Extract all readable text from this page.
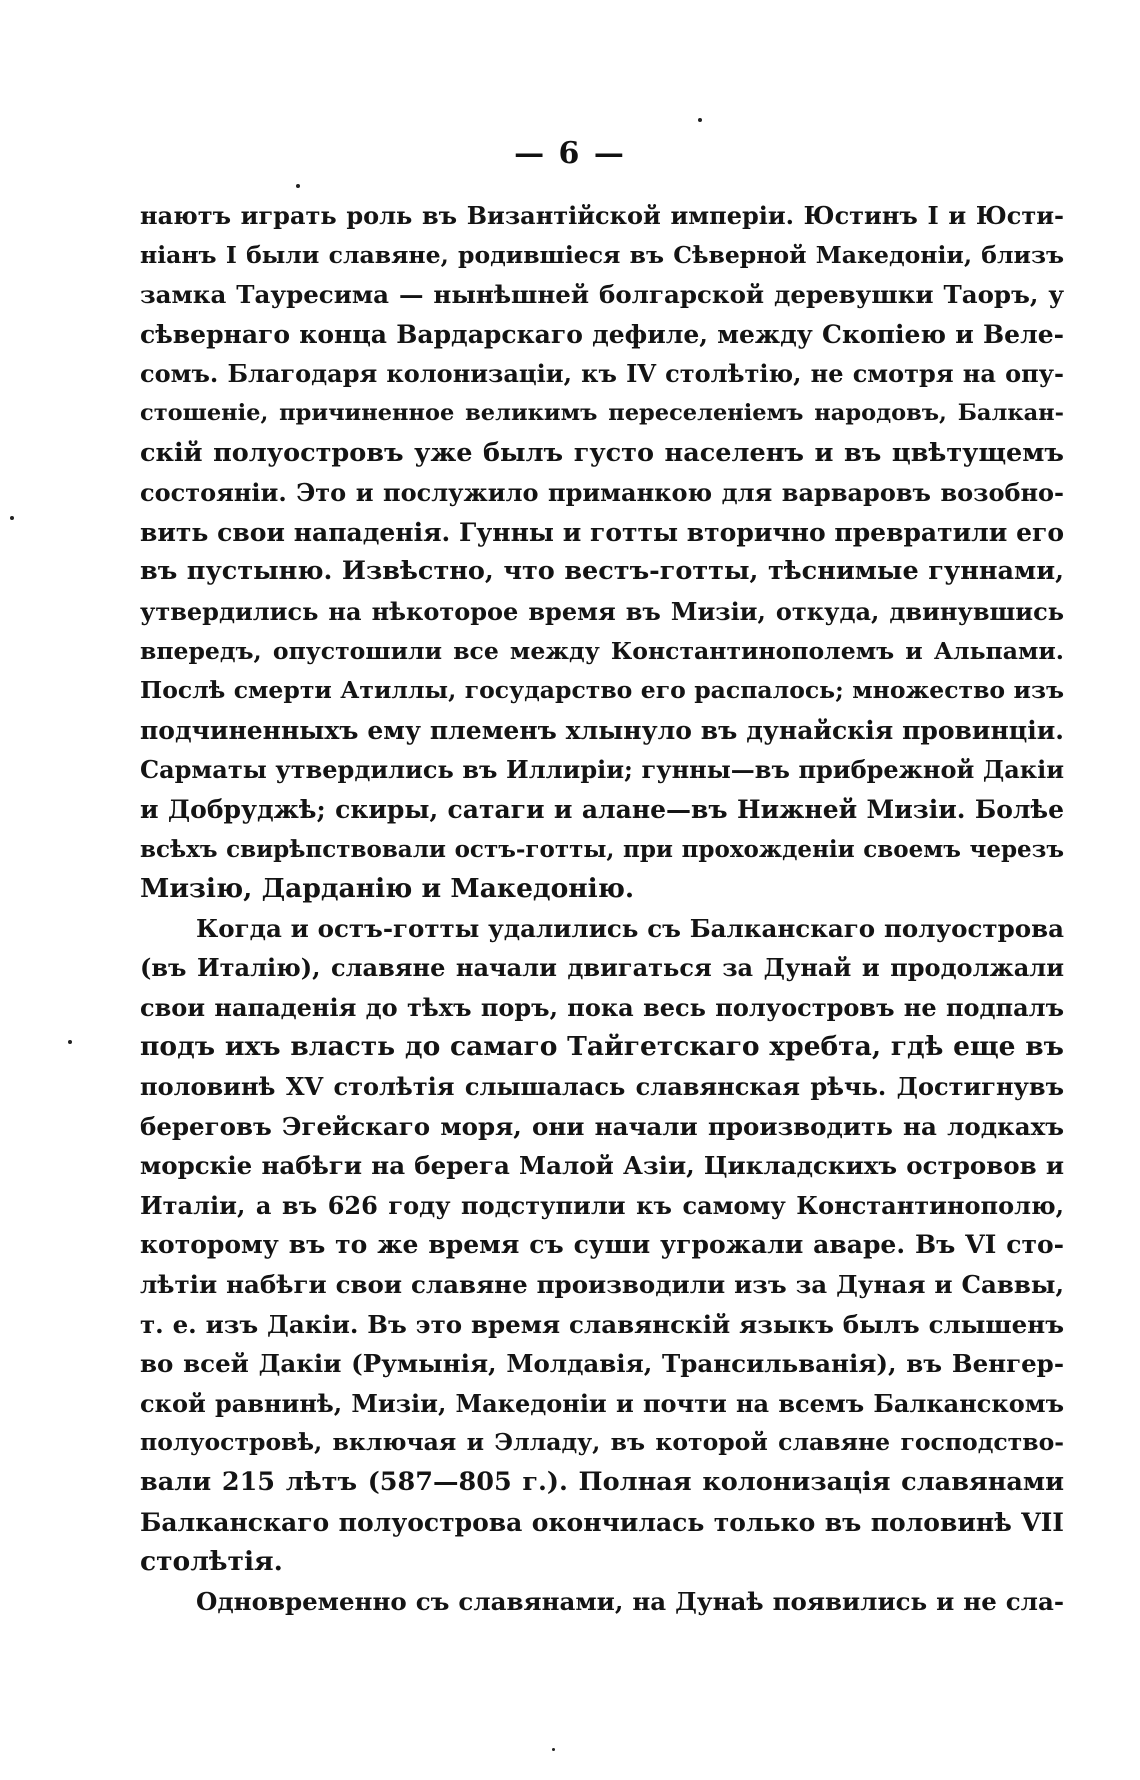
— 6 —
наютъ играть роль въ Византійской имперіи. Юстинъ I и Юсти-
ніанъ I были славяне, родившіеся въ Сѣверной Македоніи, близъ
замка Тауресима — нынѣшней болгарской деревушки Таоръ, у
сѣвернаго конца Вардарскаго дефиле, между Скопіею и Веле-
сомъ. Благодаря колонизаціи, къ IV столѣтію, не смотря на опу-
стошеніе, причиненное великимъ переселеніемъ народовъ, Балкан-
скій полуостровъ уже былъ густо населенъ и въ цвѣтущемъ
состояніи. Это и послужило приманкою для варваровъ возобно-
вить свои нападенія. Гунны и готты вторично превратили его
въ пустыню. Извѣстно, что вестъ-готты, тѣснимые гуннами,
утвердились на нѣкоторое время въ Мизіи, откуда, двинувшись
впередъ, опустошили все между Константинополемъ и Альпами.
Послѣ смерти Атиллы, государство его распалось; множество изъ
подчиненныхъ ему племенъ хлынуло въ дунайскія провинціи.
Сарматы утвердились въ Иллиріи; гунны—въ прибрежной Дакіи
и Добруджѣ; скиры, сатаги и алане—въ Нижней Мизіи. Болѣе
всѣхъ свирѣпствовали остъ-готты, при прохожденіи своемъ черезъ
Мизію, Дарданію и Македонію.
Когда и остъ-готты удалились съ Балканскаго полуострова
(въ Италію), славяне начали двигаться за Дунай и продолжали
свои нападенія до тѣхъ поръ, пока весь полуостровъ не подпалъ
подъ ихъ власть до самаго Тайгетскаго хребта, гдѣ еще въ
половинѣ XV столѣтія слышалась славянская рѣчь. Достигнувъ
береговъ Эгейскаго моря, они начали производить на лодкахъ
морскіе набѣги на берега Малой Азіи, Цикладскихъ островов и
Италіи, а въ 626 году подступили къ самому Константинополю,
которому въ то же время съ суши угрожали аваре. Въ VI сто-
лѣтіи набѣги свои славяне производили изъ за Дуная и Саввы,
т. е. изъ Дакіи. Въ это время славянскій языкъ былъ слышенъ
во всей Дакіи (Румынія, Молдавія, Трансильванія), въ Венгер-
ской равнинѣ, Мизіи, Македоніи и почти на всемъ Балканскомъ
полуостровѣ, включая и Элладу, въ которой славяне господство-
вали 215 лѣтъ (587—805 г.). Полная колонизація славянами
Балканскаго полуострова окончилась только въ половинѣ VII
столѣтія.
Одновременно съ славянами, на Дунаѣ появились и не сла-
